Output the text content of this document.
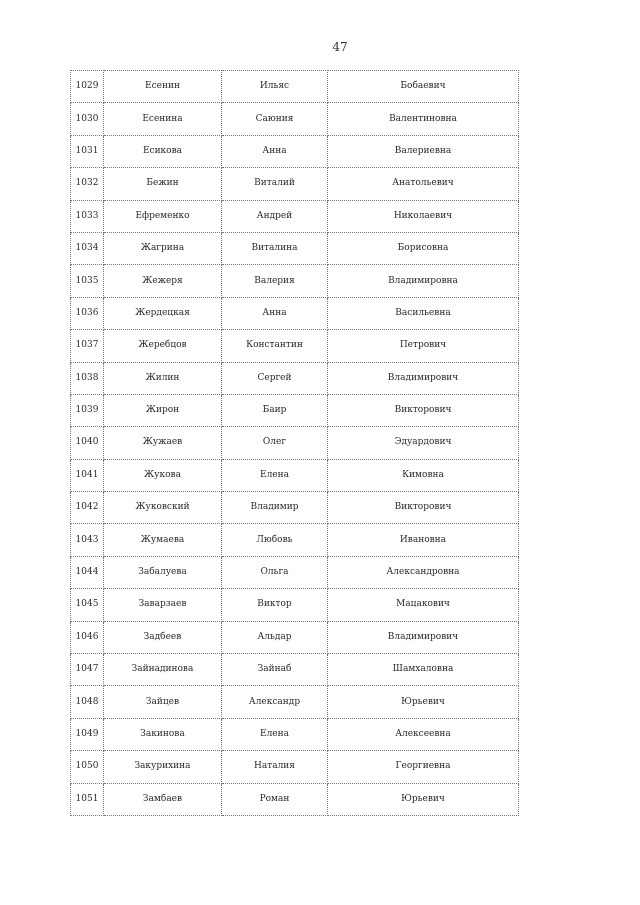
47
1029	Есенин	Ильяс	Бобаевич
1030	Есенина	Саюния	Валентиновна
1031	Есикова	Анна	Валериевна
1032	Бежин	Виталий	Анатольевич
1033	Ефременко	Андрей	Николаевич
1034	Жагрина	Виталина	Борисовна
1035	Жежеря	Валерия	Владимировна
1036	Жердецкая	Анна	Васильевна
1037	Жеребцов	Константин	Петрович
1038	Жилин	Сергей	Владимирович
1039	Жирон	Баир	Викторович
1040	Жужаев	Олег	Эдуардович
1041	Жукова	Елена	Кимовна
1042	Жуковский	Владимир	Викторович
1043	Жумаева	Любовь	Ивановна
1044	Забалуева	Ольга	Александровна
1045	Заварзаев	Виктор	Мацакович
1046	Задбеев	Альдар	Владимирович
1047	Зайнадинова	Зайнаб	Шамхаловна
1048	Зайцев	Александр	Юрьевич
1049	Закинова	Елена	Алексеевна
1050	Закурихина	Наталия	Георгиевна
1051	Замбаев	Роман	Юрьевич
